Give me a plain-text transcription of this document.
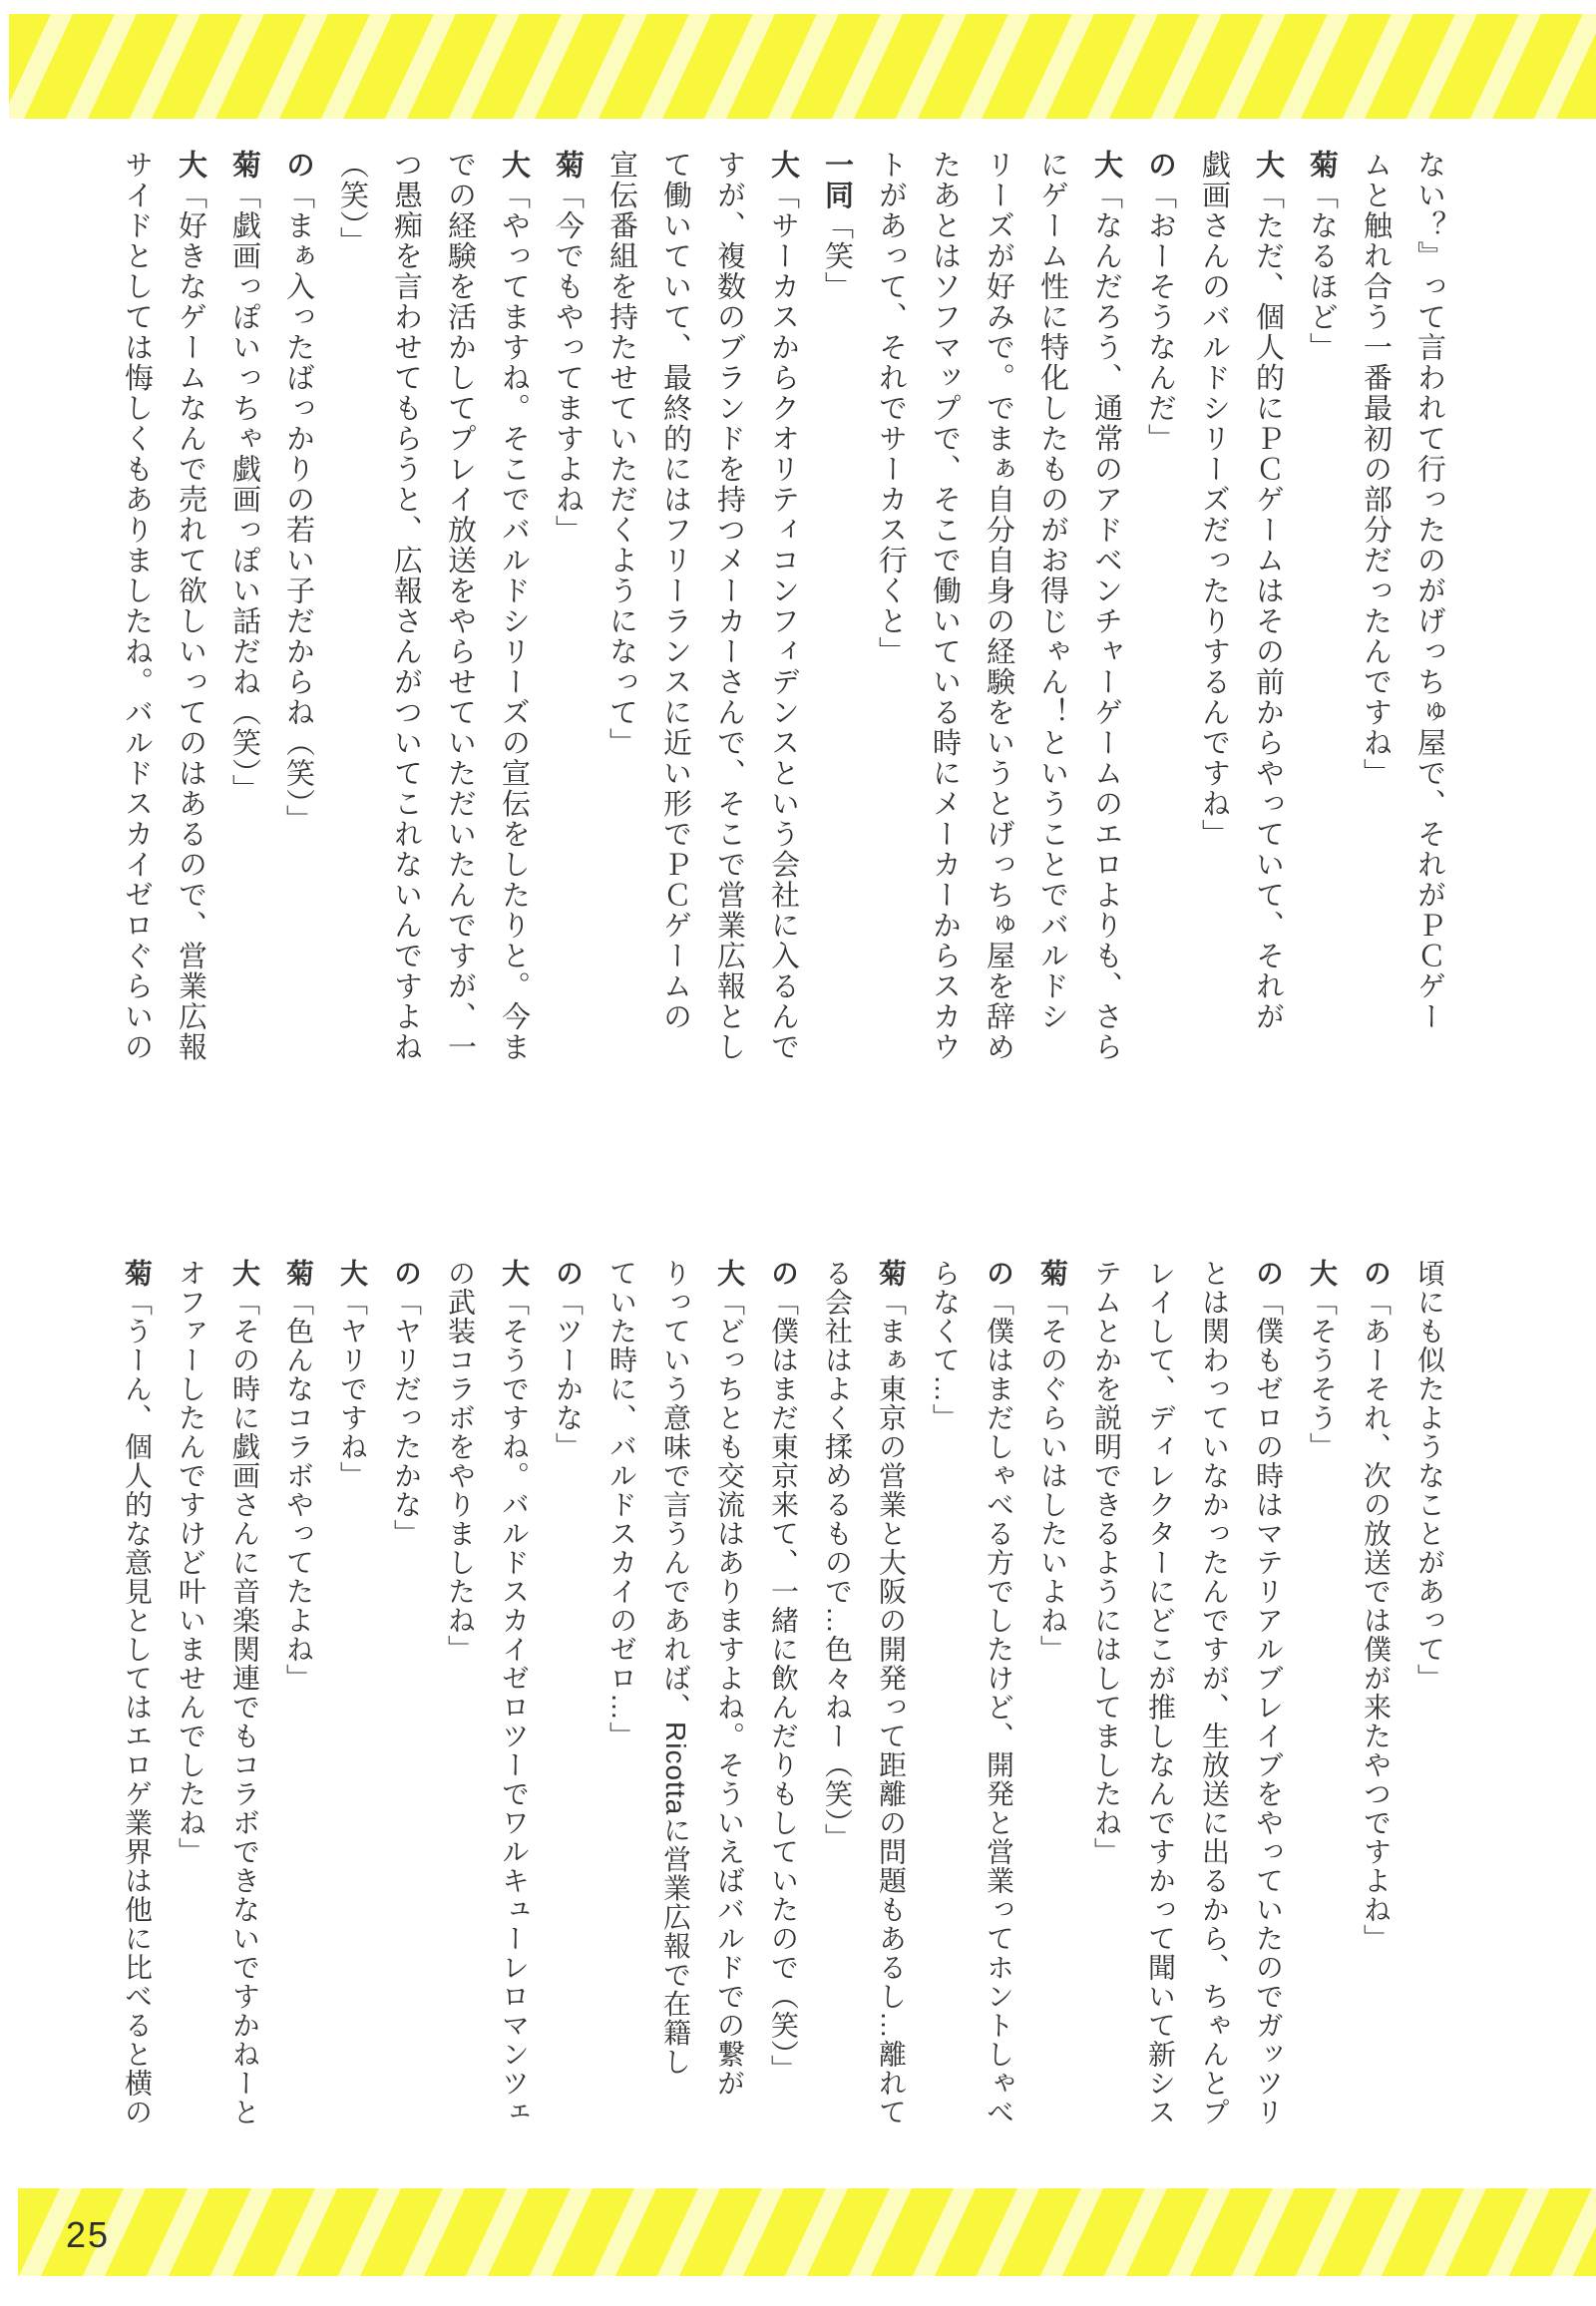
ない？』って言われて行ったのがげっちゅ屋で、それがＰＣゲー
ムと触れ合う一番最初の部分だったんですね」
菊「なるほど」
大「ただ、個人的にＰＣゲームはその前からやっていて、それが
戯画さんのバルドシリーズだったりするんですね」
の「おーそうなんだ」
大「なんだろう、通常のアドベンチャーゲームのエロよりも、さら
にゲーム性に特化したものがお得じゃん！ということでバルドシ
リーズが好みで。でまぁ自分自身の経験をいうとげっちゅ屋を辞め
たあとはソフマップで、そこで働いている時にメーカーからスカウ
トがあって、それでサーカス行くと」
一同「笑」
大「サーカスからクオリティコンフィデンスという会社に入るんで
すが、複数のブランドを持つメーカーさんで、そこで営業広報とし
て働いていて、最終的にはフリーランスに近い形でＰＣゲームの
宣伝番組を持たせていただくようになって」
菊「今でもやってますよね」
大「やってますね。そこでバルドシリーズの宣伝をしたりと。今ま
での経験を活かしてプレイ放送をやらせていただいたんですが、一
つ愚痴を言わせてもらうと、広報さんがついてこれないんですよね
（笑）」
の「まぁ入ったばっかりの若い子だからね（笑）」
菊「戯画っぽいっちゃ戯画っぽい話だね（笑）」
大「好きなゲームなんで売れて欲しいってのはあるので、営業広報
サイドとしては悔しくもありましたね。バルドスカイゼロぐらいの
頃にも似たようなことがあって」
の「あーそれ、次の放送では僕が来たやつですよね」
大「そうそう」
の「僕もゼロの時はマテリアルブレイブをやっていたのでガッツリ
とは関わっていなかったんですが、生放送に出るから、ちゃんとプ
レイして、ディレクターにどこが推しなんですかって聞いて新シス
テムとかを説明できるようにはしてましたね」
菊「そのぐらいはしたいよね」
の「僕はまだしゃべる方でしたけど、開発と営業ってホントしゃべ
らなくて…」
菊「まぁ東京の営業と大阪の開発って距離の問題もあるし…離れて
る会社はよく揉めるもので…色々ねー（笑）」
の「僕はまだ東京来て、一緒に飲んだりもしていたので（笑）」
大「どっちとも交流はありますよね。そういえばバルドでの繋が
りっていう意味で言うんであれば、Ricottaに営業広報で在籍し
ていた時に、バルドスカイのゼロ…」
の「ツーかな」
大「そうですね。バルドスカイゼロツーでワルキューレロマンツェ
の武装コラボをやりましたね」
の「ヤリだったかな」
大「ヤリですね」
菊「色んなコラボやってたよね」
大「その時に戯画さんに音楽関連でもコラボできないですかねーと
オファーしたんですけど叶いませんでしたね」
菊「うーん、個人的な意見としてはエロゲ業界は他に比べると横の
25
